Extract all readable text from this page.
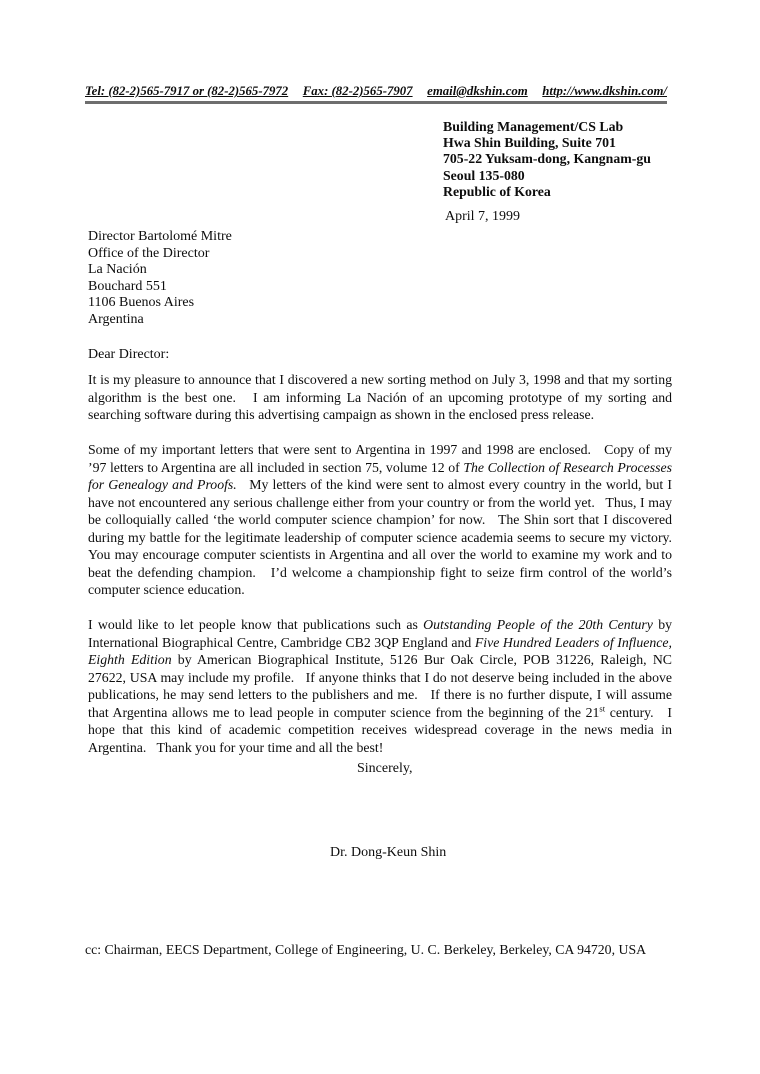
Tel: (82-2)565-7917 or (82-2)565-7972 Fax: (82-2)565-7907 email@dkshin.com http://www.dkshin.com/
Building Management/CS Lab
Hwa Shin Building, Suite 701
705-22 Yuksam-dong, Kangnam-gu
Seoul 135-080
Republic of Korea
April 7, 1999
Director Bartolomé Mitre
Office of the Director
La Nación
Bouchard 551
1106 Buenos Aires
Argentina
Dear Director:

It is my pleasure to announce that I discovered a new sorting method on July 3, 1998 and that my sorting algorithm is the best one.   I am informing La Nación of an upcoming prototype of my sorting and searching software during this advertising campaign as shown in the enclosed press release.

Some of my important letters that were sent to Argentina in 1997 and 1998 are enclosed.   Copy of my ’97 letters to Argentina are all included in section 75, volume 12 of The Collection of Research Processes for Genealogy and Proofs.   My letters of the kind were sent to almost every country in the world, but I have not encountered any serious challenge either from your country or from the world yet.   Thus, I may be colloquially called ‘the world computer science champion’ for now.   The Shin sort that I discovered during my battle for the legitimate leadership of computer science academia seems to secure my victory.   You may encourage computer scientists in Argentina and all over the world to examine my work and to beat the defending champion.   I’d welcome a championship fight to seize firm control of the world’s computer science education.

I would like to let people know that publications such as Outstanding People of the 20th Century by International Biographical Centre, Cambridge CB2 3QP England and Five Hundred Leaders of Influence, Eighth Edition by American Biographical Institute, 5126 Bur Oak Circle, POB 31226, Raleigh, NC 27622, USA may include my profile.   If anyone thinks that I do not deserve being included in the above publications, he may send letters to the publishers and me.   If there is no further dispute, I will assume that Argentina allows me to lead people in computer science from the beginning of the 21st century.   I hope that this kind of academic competition receives widespread coverage in the news media in Argentina.   Thank you for your time and all the best!

Sincerely,
Dr. Dong-Keun Shin
cc: Chairman, EECS Department, College of Engineering, U. C. Berkeley, Berkeley, CA 94720, USA
